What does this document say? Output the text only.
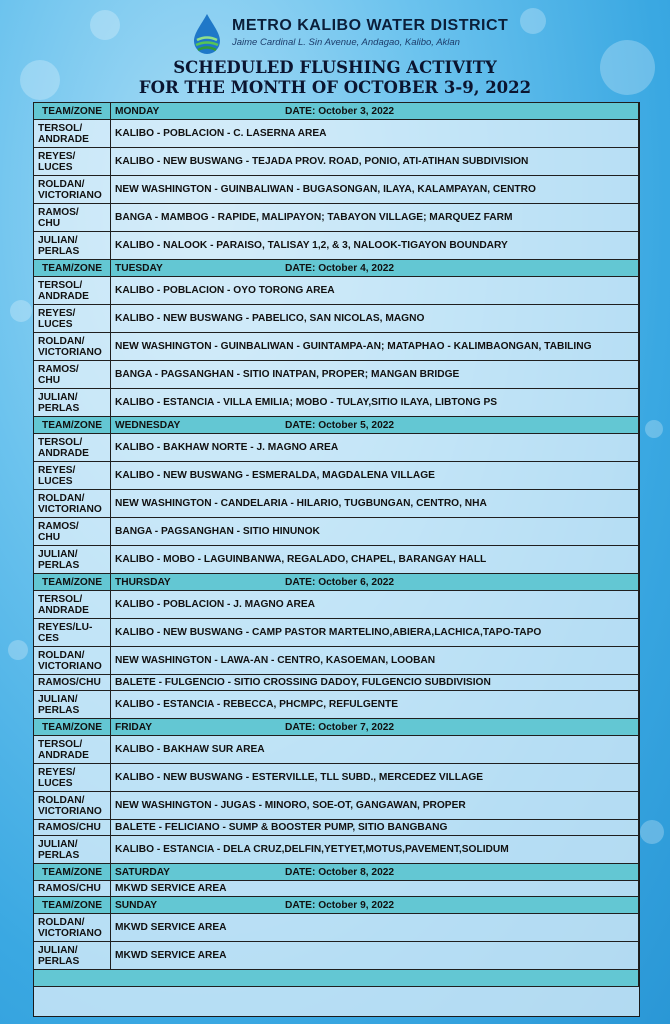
METRO KALIBO WATER DISTRICT
Jaime Cardinal L. Sin Avenue, Andagao, Kalibo, Aklan
SCHEDULED FLUSHING ACTIVITY
FOR THE MONTH OF OCTOBER 3-9, 2022
TEAM/ZONE	MONDAY DATE: October 3, 2022

TERSOL/
ANDRADE	KALIBO - POBLACION - C. LASERNA AREA

REYES/
LUCES	KALIBO - NEW BUSWANG - TEJADA PROV. ROAD, PONIO, ATI-ATIHAN SUBDIVISION

ROLDAN/
VICTORIANO	NEW WASHINGTON - GUINBALIWAN - BUGASONGAN, ILAYA, KALAMPAYAN, CENTRO

RAMOS/
CHU	BANGA - MAMBOG - RAPIDE, MALIPAYON; TABAYON VILLAGE; MARQUEZ FARM

JULIAN/
PERLAS	KALIBO - NALOOK - PARAISO, TALISAY 1,2, & 3, NALOOK-TIGAYON BOUNDARY
TEAM/ZONE	TUESDAY DATE: October 4, 2022

TERSOL/
ANDRADE	KALIBO - POBLACION - OYO TORONG AREA

REYES/
LUCES	KALIBO - NEW BUSWANG - PABELICO, SAN NICOLAS, MAGNO

ROLDAN/
VICTORIANO	NEW WASHINGTON - GUINBALIWAN - GUINTAMPA-AN; MATAPHAO - KALIMBAONGAN, TABILING

RAMOS/
CHU	BANGA - PAGSANGHAN - SITIO INATPAN, PROPER; MANGAN BRIDGE

JULIAN/
PERLAS	KALIBO - ESTANCIA - VILLA EMILIA; MOBO - TULAY,SITIO ILAYA, LIBTONG PS
TEAM/ZONE	WEDNESDAY DATE: October 5, 2022

TERSOL/
ANDRADE	KALIBO - BAKHAW NORTE - J. MAGNO AREA

REYES/
LUCES	KALIBO - NEW BUSWANG - ESMERALDA, MAGDALENA VILLAGE

ROLDAN/
VICTORIANO	NEW WASHINGTON - CANDELARIA - HILARIO, TUGBUNGAN, CENTRO, NHA

RAMOS/
CHU	BANGA - PAGSANGHAN - SITIO HINUNOK

JULIAN/
PERLAS	KALIBO - MOBO - LAGUINBANWA, REGALADO, CHAPEL, BARANGAY HALL
TEAM/ZONE	THURSDAY DATE: October 6, 2022

TERSOL/
ANDRADE	KALIBO - POBLACION - J. MAGNO AREA

REYES/LU-
CES	KALIBO - NEW BUSWANG - CAMP PASTOR MARTELINO,ABIERA,LACHICA,TAPO-TAPO

ROLDAN/
VICTORIANO	NEW WASHINGTON - LAWA-AN - CENTRO, KASOEMAN, LOOBAN

RAMOS/CHU	BALETE - FULGENCIO - SITIO CROSSING DADOY, FULGENCIO SUBDIVISION

JULIAN/
PERLAS	KALIBO - ESTANCIA - REBECCA, PHCMPC, REFULGENTE
TEAM/ZONE	FRIDAY DATE: October 7, 2022

TERSOL/
ANDRADE	KALIBO - BAKHAW SUR AREA

REYES/
LUCES	KALIBO - NEW BUSWANG - ESTERVILLE, TLL SUBD., MERCEDEZ VILLAGE

ROLDAN/
VICTORIANO	NEW WASHINGTON - JUGAS - MINORO, SOE-OT, GANGAWAN, PROPER

RAMOS/CHU	BALETE - FELICIANO - SUMP & BOOSTER PUMP, SITIO BANGBANG

JULIAN/
PERLAS	KALIBO - ESTANCIA - DELA CRUZ,DELFIN,YETYET,MOTUS,PAVEMENT,SOLIDUM
TEAM/ZONE	SATURDAY DATE: October 8, 2022

RAMOS/CHU	MKWD SERVICE AREA
TEAM/ZONE	SUNDAY DATE: October 9, 2022

ROLDAN/
VICTORIANO	MKWD SERVICE AREA

JULIAN/
PERLAS	MKWD SERVICE AREA
